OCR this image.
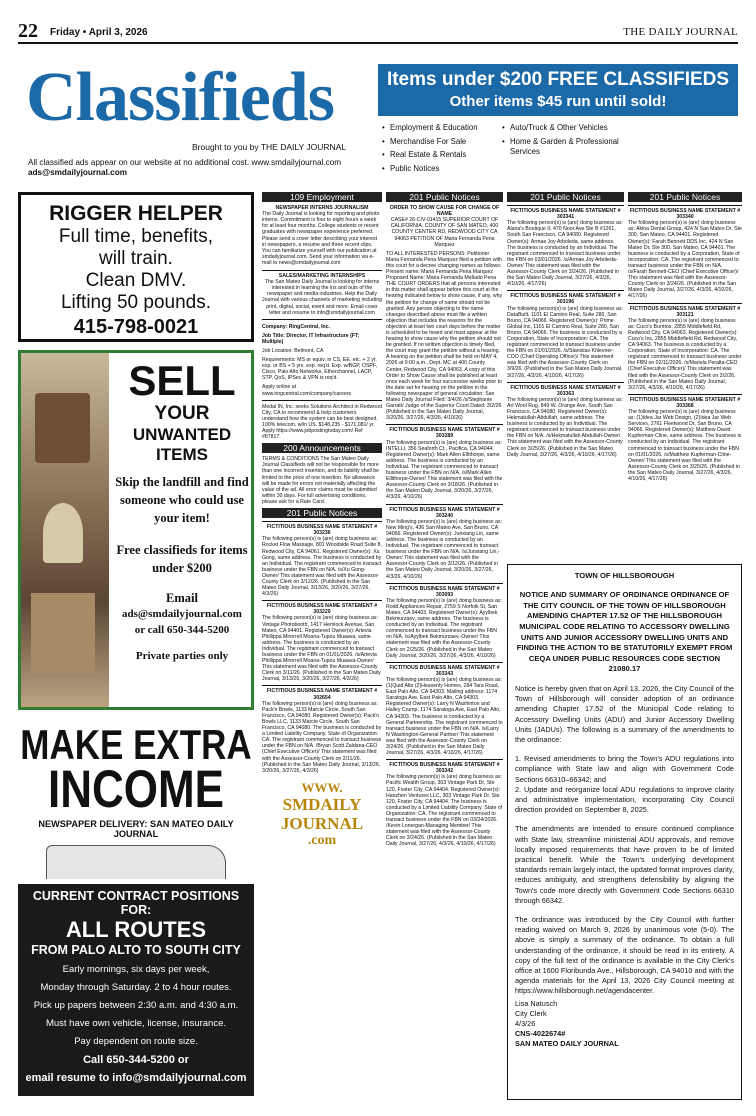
22 Friday • April 3, 2026	THE DAILY JOURNAL
Classifieds
Brought to you by THE DAILY JOURNAL
Items under $200 FREE CLASSIFIEDS
Other items $45 run until sold!
Employment & Education
•
Merchandise For Sale
•
Real Estate & Rentals
•
Public Notices
•
Auto/Truck & Other Vehicles
•
Home & Garden & Professional Services
•
All classified ads appear on our website at no additional cost. www.smdailyjournal.com
ads@smdailyjournal.com
RIGGER HELPER
Full time, benefits,
will train.
Clean DMV.
Lifting 50 pounds.
415-798-0021
SELL
YOUR
UNWANTED
ITEMS
Skip the landfill and find someone who could use your item!
Free classifieds for items under $200
Email
ads@smdailyjournal.com
or call 650-344-5200
Private parties only
MAKE EXTRA
INCOME
NEWSPAPER DELIVERY: SAN MATEO DAILY JOURNAL
CURRENT CONTRACT POSITIONS FOR:
ALL ROUTES
FROM PALO ALTO TO SOUTH CITY
Early mornings, six days per week,
Monday through Saturday. 2 to 4 hour routes.
Pick up papers between 2:30 a.m. and 4:30 a.m.
Must have own vehicle, license, insurance.
Pay dependent on route size.
Call 650-344-5200 or
email resume to info@smdailyjournal.com
109 Employment
NEWSPAPER INTERNS JOURNALISM
The Daily Journal is looking for reporting and photo interns. Commitment is four to eight hours a week for at least four months. College students or recent graduates with newspaper experience preferred. Please send a cover letter describing your interest in newspapers, a resume and three recent clips. You can familiarize yourself with our publication at smdailyjournal.com. Send your information via e-mail to news@smdailyjournal.com
SALES/MARKETING INTERNSHIPS
The San Mateo Daily Journal is looking for interns interested in learning the ins and outs of the newspaper and media industries. Help the Daily Journal with various channels of marketing including print, digital, social, event and more. Email cover letter and resume to info@smdailyjournal.com
Company: RingCentral, Inc.
Job Title: Director, IT Infrastructure (FT; Multiple)
Job Location: Belmont, CA
Requirements: MS or equiv. in CS, EE, etc. + 2 yr. exp. or BS + 5 yrs. exp. req'd. Exp. w/BGP, OSPF, Cisco, Palo Alto Networks, Etherchannel, LACP, STP, QoS, IPSec & VPN is req'd.
Apply online at www.ringcentral.com/company/careers
Medal IN, Inc. seeks Solutions Architect in Redwood City, CA to recommend & help customers understand how the system can be best designed. 100% telecom. w/in US. $148,235 - $171,081/ yr. Apply https://www.jobpostingtoday.com/ Ref #87817.
200 Announcements
TERMS & CONDITIONS The San Mateo Daily Journal Classifieds will not be responsible for more than one incorrect insertion, and its liability shall be limited to the price of one insertion. No allowance will be made for errors not materially affecting the value of the ad. All error claims must be submitted within 30 days. For full advertising conditions, please ask for a Rate Card.
201 Public Notices
FICTITIOUS BUSINESS NAME STATEMENT # 303236
The following person(s) is (are) doing business as: Rocket Flow Massage, 801 Woodside Road Suite 8, Redwood City, CA 94061. Registered Owner(s): Xu Gong, same address. The business is conducted by an Individual. The registrant commenced to transact business under the FBN on N/A. /s/Xu Gong-Owner/ This statement was filed with the Assessor-County Clerk on 3/12/26. (Published in the San Mateo Daily Journal, 3/13/26, 3/20/26, 3/27/26, 4/3/26)
FICTITIOUS BUSINESS NAME STATEMENT # 303220
The following person(s) is (are) doing business as: Vintage Photobooth, 1417 Hemlock Avenue, San Mateo, CA 94401. Registered Owner(s): Artevia Phillippa Mirorrell Moana-Tupou Muaava, same address. The business is conducted by an Individual. The registrant commenced to transact business under the FBN on 01/01/2026. /s/Artevia Phillippa Mirorrell Moana-Tupou Muaava-Owner/ This statement was filed with the Assessor-County Clerk on 3/11/26. (Published in the San Mateo Daily Journal, 3/13/26, 3/20/26, 3/27/26, 4/3/26)
FICTITIOUS BUSINESS NAME STATEMENT # 302654
The following person(s) is (are) doing business as: Pack'n Bowls, 1133 Marcie Circle, South San Francisco, CA 94080. Registered Owner(s): Pack'n Bowls LLC, 1133 Marcie Circle, South San Francisco, CA 94080. The business is conducted by a Limited Liability Company. State of Organization: CA. The registrant commenced to transact business under the FBN on N/A. /Bryan Scott Zaldana-CEO (Chief Executive Officer)/ This statement was filed with the Assessor-County Clerk on 2/11/26. (Published in the San Mateo Daily Journal, 3/13/26, 3/20/26, 3/27/26, 4/3/26)
WWW.
SMDAILY
JOURNAL
.com
201 Public Notices
ORDER TO SHOW CAUSE FOR CHANGE OF NAME
CASE# 26-CIV-01415 SUPERIOR COURT OF CALIFORNIA, COUNTY OF SAN MATEO, 400 COUNTY CENTER RD, REDWOOD CITY CA 94063 PETITION OF Maria Fernanda Pena Marquez
TO ALL INTERESTED PERSONS: Petitioner Maria Fernanda Pena Marquez filed a petition with this court for a decree changing names as follows: Present name: Maria Fernanda Pena Marquez Proposed Name: Maria Fernanda Mellado Pena THE COURT ORDERS that all persons interested in this matter shall appear before this court at the hearing indicated below to show cause, if any, why the petition for change of name should not be granted. Any person objecting to the name changes described above must file a written objection that includes the reasons for the objection at least two court days before the matter is scheduled to be heard and must appear at the hearing to show cause why the petition should not be granted. If no written objection is timely filed, the court may grant the petition without a hearing. A hearing on the petition shall be held on MAY 4, 2026 at 9:00 a.m., Dept. MC at 400 County Center, Redwood City, CA 94063. A copy of this Order to Show Cause shall be published at least once each week for four successive weeks prior to the date set for hearing on the petition in the following newspaper of general circulation: San Mateo Daily Journal Filed: 3/4/26 /s/Stephanie Garratt/ Judge of the Superior Court Dated: 3/2/26 (Published in the San Mateo Daily Journal, 3/20/26, 3/27/26, 4/3/26, 4/10/26)
FICTITIOUS BUSINESS NAME STATEMENT # 303289
The following person(s) is (are) doing business as: INTELLI, 356 Seaforth Ct., Pacifica, CA 94044. Registered Owner(s): Mark Allen Ellithorpe, same address. The business is conducted by an Individual. The registrant commenced to transact business under the FBN on N/A. /s/Mark Allen Ellithorpe-Owner/ This statement was filed with the Assessor-County Clerk on 3/18/26. (Published in the San Mateo Daily Journal, 3/20/26, 3/27/26, 4/3/26, 4/10/26)
FICTITIOUS BUSINESS NAME STATEMENT # 303240
The following person(s) is (are) doing business as: New Ming's, 436 San Mateo Ave, San Bruno, CA 94066. Registered Owner(s): Junxiang Lin, same address. The business is conducted by an Individual. The registrant commenced to transact business under the FBN on N/A. /s/Junxiang Lin,-Owner/ This statement was filed with the Assessor-County Clerk on 3/12/26. (Published in the San Mateo Daily Journal, 3/20/26, 3/27/26, 4/3/26, 4/10/26)
FICTITIOUS BUSINESS NAME STATEMENT # 303093
The following person(s) is (are) doing business as: Rodd Appliances Repair, 2759 S Norfolk St, San Mateo, CA 94403. Registered Owner(s): Ayylbek Bekmurzaev, same address. The business is conducted by an Individual. The registrant commenced to transact business under the FBN on N/A. /s/Ayylbek Bekmurzaev,-Owner/ This statement was filed with the Assessor-County Clerk on 2/25/26. (Published in the San Mateo Daily Journal, 3/20/26, 3/27/26, 4/3/26, 4/10/26)
FICTITIOUS BUSINESS NAME STATEMENT # 303343
The following person(s) is (are) doing business as: (1)Quid Alto (2)Heavenly Homes, 284 Tara Road, East Palo Alto, CA 94303. Mailing address: 1174 Saratoga Ave, East Palo Alto, CA 94303. Registered Owner(s): Larry N Washinton and Halley Crump, 1174 Saratoga Ave, East Palo Alto, CA 94303. The business is conducted by a General Partnership. The registrant commenced to transact business under the FBN on N/A. /s/Larry N Washington-General Partner/ This statement was filed with the Assessor-County Clerk on 3/24/26. (Published in the San Mateo Daily Journal, 3/27/26, 4/3/26, 4/10/26, 4/17/26)
FICTITIOUS BUSINESS NAME STATEMENT # 303342
The following person(s) is (are) doing business as: Pacific Wealth Group, 303 Vintage Park Dr, Ste 120, Foster City, CA 94404. Registered Owner(s): Hanzhen Ventures LLC, 303 Vintage Park Dr, Ste 120, Foster City, CA 94404. The business is conducted by a Limited Liability Company. State of Organization: CA. The registrant commenced to transact business under the FBN on 03/24/2026. /Kevin Lonergan-Managing Member/ This statement was filed with the Assessor-County Clerk on 3/24/26. (Published in the San Mateo Daily Journal, 3/27/26, 4/3/26, 4/10/26, 4/17/26)
201 Public Notices
FICTITIOUS BUSINESS NAME STATEMENT # 303341
The following person(s) is (are) doing business as: Alana's Boutique II, 470 Noor Ave Ste B #1261, South San Francisco, CA 94080. Registered Owner(s): Armae Joy Arboleda, same address. The business is conducted by an Individual. The registrant commenced to transact business under the FBN on 03/01/2026. /s/Armae Joy Arboleda-Owner/ This statement was filed with the Assessor-County Clerk on 3/24/26. (Published in the San Mateo Daily Journal, 3/27/26, 4/3/26, 4/10/26, 4/17/26)
FICTITIOUS BUSINESS NAME STATEMENT # 303196
The following person(s) is (are) doing business as: DataBuilt, 1101 El Camino Real, Suite 280, San Bruno, CA 94066. Registered Owner(s): Prime Global Inc, 1101 El Camino Real, Suite 280, San Bruno, CA 94066. The business is conducted by a Corporation, State of Incorporation: CA. The registrant commenced to transact business under the FBN on 01/01/2026. /s/Stanislav Khlevner-COO (Chief Operating Officer)/ This statement was filed with the Assessor-County Clerk on 3/9/26. (Published in the San Mateo Daily Journal, 3/27/26, 4/3/26, 4/10/26, 4/17/26)
FICTITIOUS BUSINESS NAME STATEMENT # 303363
The following person(s) is (are) doing business as: Art Wool Rug, 849 W. Orange Ave, South San Francisco, CA 94080. Registered Owner(s): Hekmatullah Abdullah, same address. The business is conducted by an Individual. The registrant commenced to transact business under the FBN on N/A. /s/Hekmatullah Abdullah-Owner/ This statement was filed with the Assessor-County Clerk on 3/25/26. (Published in the San Mateo Daily Journal, 3/27/26, 4/3/26, 4/10/26, 4/17/26)
201 Public Notices
FICTITIOUS BUSINESS NAME STATEMENT # 303340
The following person(s) is (are) doing business as: Akina Dental Group, 424 N San Mateo Dr. Ste 300, San Mateo, CA 94401. Registered Owner(s): Farah Bennett DDS Inc, 424 N San Mateo Dr, Ste 300, San Mateo, CA 94401. The business is conducted by a Corporation, State of Incorporation: CA. The registrant commenced to transact business under the FBN on N/A. /s/Farah Bennett-CEO (Chief Executive Officer)/ This statement was filed with the Assessor-County Clerk on 3/24/26. (Published in the San Mateo Daily Journal, 3/27/26, 4/3/26, 4/10/26, 4/17/26)
FICTITIOUS BUSINESS NAME STATEMENT # 303121
The following person(s) is (are) doing business as: Cuco's Burritos, 2855 Middlefield Rd, Redwood City, CA 94063. Registered Owner(s): Cuco's Inc, 2855 Middlefield Rd, Redwood City, CA 94063. The business is conducted by a Corporation, State of Incorporation: CA. The registrant commenced to transact business under the FBN on 02/11/2026. /s/Mariela Peralta-CEO (Chief Executive Officer)/ This statement was filed with the Assessor-County Clerk on 3/2/26. (Published in the San Mateo Daily Journal, 3/27/26, 4/3/26, 4/10/26, 4/17/26)
FICTITIOUS BUSINESS NAME STATEMENT # 303368
The following person(s) is (are) doing business as: (1)Idea Jar Web Design, (2)Idea Jar Web Services, 2761 Fleetwood Dr, San Bruno, CA 94066. Registered Owner(s): Matthew David Kupferman-Cline, same address. The business is conducted by an Individual. The registrant commenced to transact business under the FBN on 01/01/2026. /s/Matthew Kupferman-Cline-Owner/ This statement was filed with the Assessor-County Clerk on 3/25/26. (Published in the San Mateo Daily Journal, 3/27/26, 4/3/26, 4/10/26, 4/17/26)
TOWN OF HILLSBOROUGH
NOTICE AND SUMMARY OF ORDINANCE ORDINANCE OF THE CITY COUNCIL OF THE TOWN OF HILLSBOROUGH AMENDING CHAPTER 17.52 OF THE HILLSBOROUGH MUNICIPAL CODE RELATING TO ACCESSORY DWELLING UNITS AND JUNIOR ACCESSORY DWELLING UNITS AND FINDING THE ACTION TO BE STATUTORILY EXEMPT FROM CEQA UNDER PUBLIC RESOURCES CODE SECTION 21080.17

Notice is hereby given that on April 13, 2026, the City Council of the Town of Hillsborough will consider adoption of an ordinance amending Chapter 17.52 of the Municipal Code relating to Accessory Dwelling Units (ADU) and Junior Accessory Dwelling Units (JADUs). The following is a summary of the amendments to the ordinance:

1. Revised amendments to bring the Town's ADU regulations into compliance with State law and align with Government Code Sections 66310–66342; and

2. Update and reorganize local ADU regulations to improve clarity and administrative implementation, incorporating City Council direction provided on September 8, 2025.

The amendments are intended to ensure continued compliance with State law, streamline ministerial ADU approvals, and remove locally imposed requirements that have proven to be of limited practical benefit. While the Town's underlying development standards remain largely intact, the updated format improves clarity, reduces ambiguity, and strengthens defensibility by aligning the Town's code more directly with Government Code Sections 66310 through 66342.

The ordinance was introduced by the City Council with further reading waived on March 9, 2026 by unanimous vote (5-0). The above is simply a summary of the ordinance. To obtain a full understanding of the ordinance, it should be read in its entirety. A copy of the full text of the ordinance is available in the City Clerk's office at 1600 Floribunda Ave., Hillsborough, CA 94010 and with the agenda materials for the April 13, 2026 City Council meeting at https://www.hillsborough.net/agendacenter.

Lisa Natusch
City Clerk
4/3/26
CNS-4022674#
SAN MATEO DAILY JOURNAL
